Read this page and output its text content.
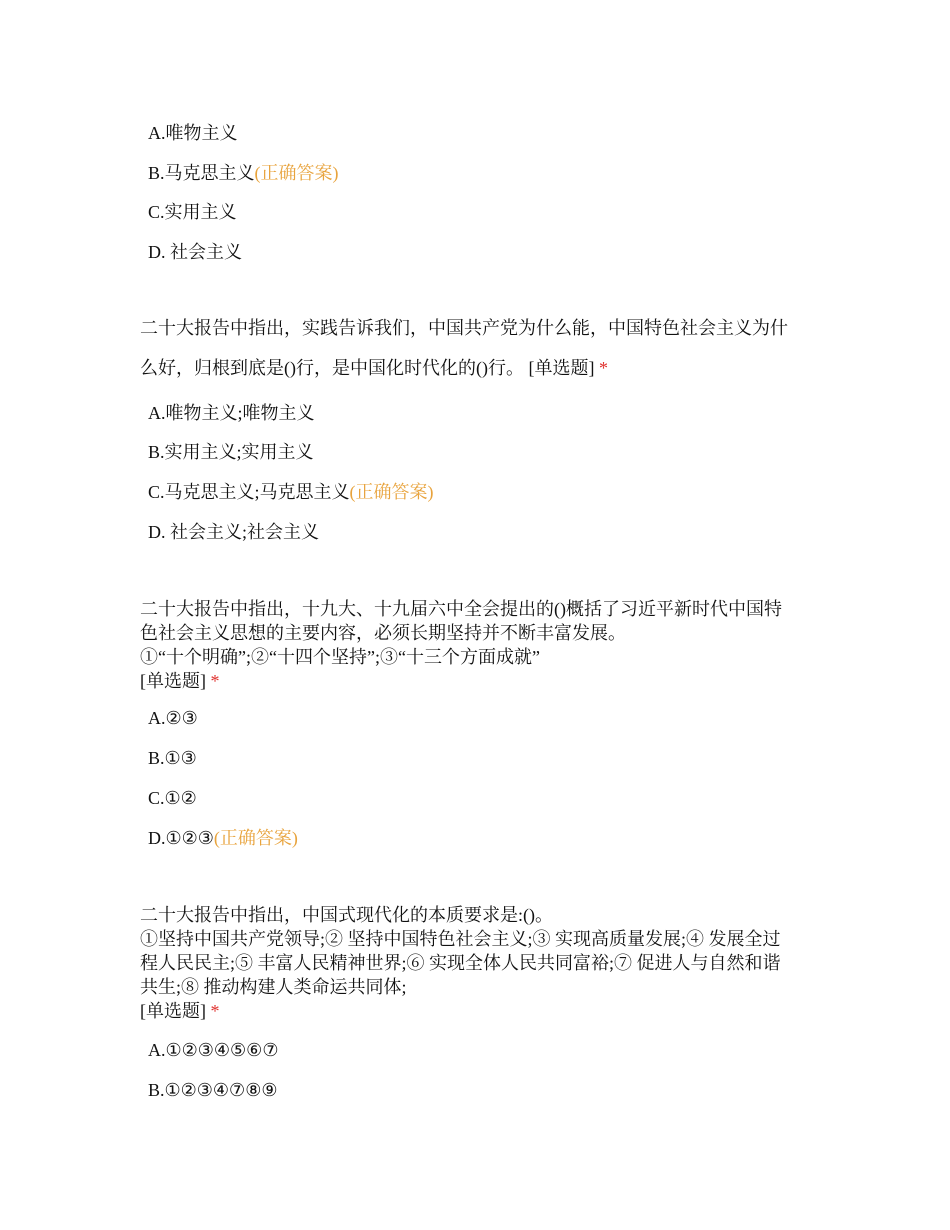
A.唯物主义
B.马克思主义(正确答案)
C.实用主义
D. 社会主义
二十大报告中指出，实践告诉我们，中国共产党为什么能，中国特色社会主义为什
么好，归根到底是()行，是中国化时代化的()行。 [单选题] *
A.唯物主义;唯物主义
B.实用主义;实用主义
C.马克思主义;马克思主义(正确答案)
D. 社会主义;社会主义
二十大报告中指出，十九大、十九届六中全会提出的()概括了习近平新时代中国特
色社会主义思想的主要内容，必须长期坚持并不断丰富发展。
①“十个明确”;②“十四个坚持”;③“十三个方面成就”
[单选题] *
A.②③
B.①③
C.①②
D.①②③(正确答案)
二十大报告中指出，中国式现代化的本质要求是:()。
①坚持中国共产党领导;② 坚持中国特色社会主义;③ 实现高质量发展;④ 发展全过
程人民民主;⑤ 丰富人民精神世界;⑥ 实现全体人民共同富裕;⑦ 促进人与自然和谐
共生;⑧ 推动构建人类命运共同体;
[单选题] *
A.①②③④⑤⑥⑦
B.①②③④⑦⑧⑨
